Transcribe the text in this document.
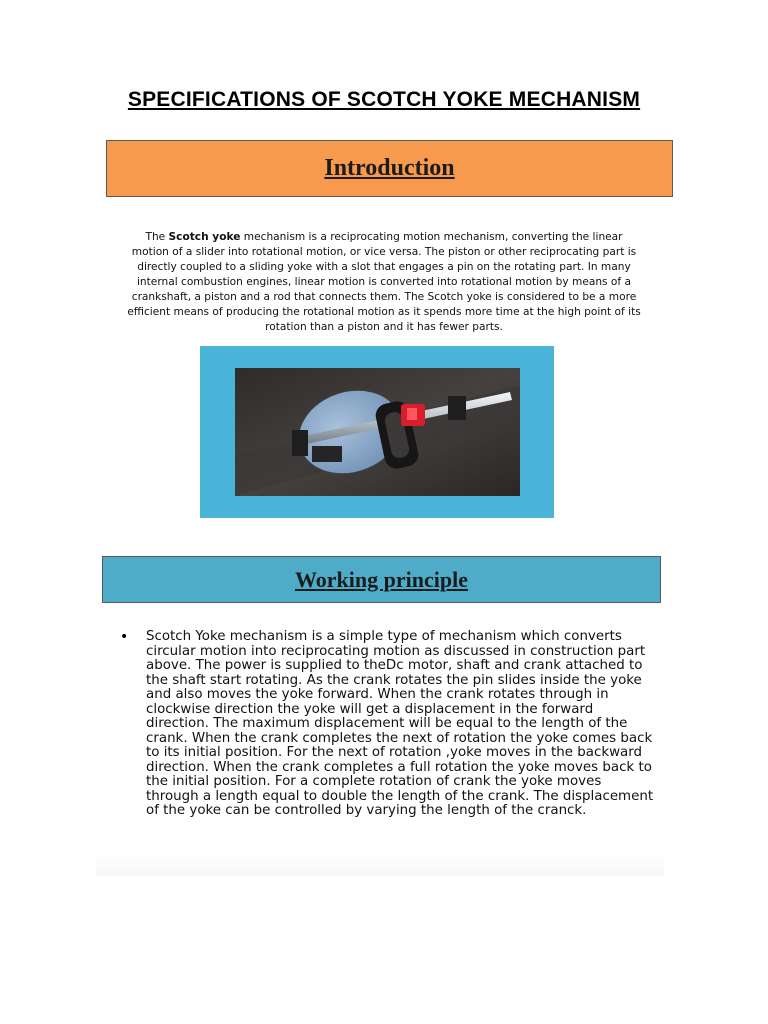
SPECIFICATIONS OF SCOTCH YOKE MECHANISM
Introduction
The Scotch yoke mechanism is a reciprocating motion mechanism, converting the linear motion of a slider into rotational motion, or vice versa. The piston or other reciprocating part is directly coupled to a sliding yoke with a slot that engages a pin on the rotating part. In many internal combustion engines, linear motion is converted into rotational motion by means of a crankshaft, a piston and a rod that connects them. The Scotch yoke is considered to be a more efficient means of producing the rotational motion as it spends more time at the high point of its rotation than a piston and it has fewer parts.
Working principle
• Scotch Yoke mechanism is a simple type of mechanism which converts circular motion into reciprocating motion as discussed in construction part above. The power is supplied to theDc motor, shaft and crank attached to the shaft start rotating. As the crank rotates the pin slides inside the yoke and also moves the yoke forward. When the crank rotates through in clockwise direction the yoke will get a displacement in the forward direction. The maximum displacement will be equal to the length of the crank. When the crank completes the next of rotation the yoke comes back to its initial position. For the next of rotation ,yoke moves in the backward direction. When the crank completes a full rotation the yoke moves back to the initial position. For a complete rotation of crank the yoke moves through a length equal to double the length of the crank. The displacement of the yoke can be controlled by varying the length of the cranck.
